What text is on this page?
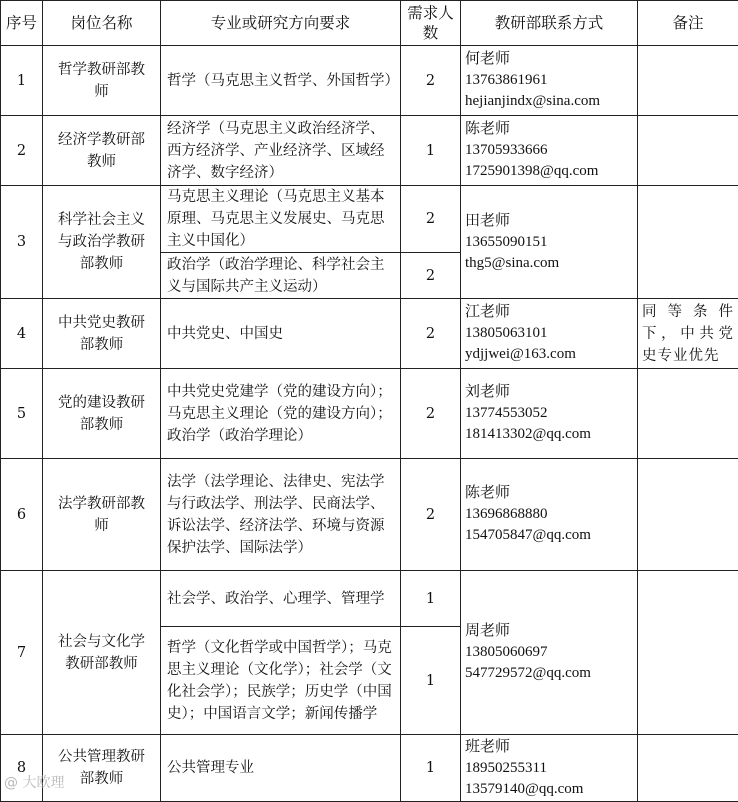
序号	岗位名称	专业或研究方向要求	需求人数	教研部联系方式	备注
1	哲学教研部教师	哲学（马克思主义哲学、外国哲学）	2	何老师
13763861961
hejianjindx@sina.com	

2	经济学教研部教师	经济学（马克思主义政治经济学、西方经济学、产业经济学、区域经济学、数字经济）	1	陈老师
13705933666
1725901398@qq.com	

3	科学社会主义与政治学教研部教师	马克思主义理论（马克思主义基本原理、马克思主义发展史、马克思主义中国化）	2	田老师
13655090151
thg5@sina.com	

		政治学（政治学理论、科学社会主义与国际共产主义运动）	2		
4	中共党史教研部教师	中共党史、中国史	2	江老师
13805063101
ydjjwei@163.com	同等条件下，中共党史专业优先
5	党的建设教研部教师	中共党史党建学（党的建设方向）；马克思主义理论（党的建设方向）；政治学（政治学理论）	2	刘老师
13774553052
181413302@qq.com	

6	法学教研部教师	法学（法学理论、法律史、宪法学与行政法学、刑法学、民商法学、诉讼法学、经济法学、环境与资源保护法学、国际法学）	2	陈老师
13696868880
154705847@qq.com	

7	社会与文化学教研部教师	社会学、政治学、心理学、管理学	1	周老师
13805060697
547729572@qq.com	

		哲学（文化哲学或中国哲学）；马克思主义理论（文化学）；社会学（文化社会学）；民族学；历史学（中国史）；中国语言文学；新闻传播学	1		
8	公共管理教研部教师	公共管理专业	1	班老师
18950255311
13579140@qq.com	

@ 大欧理
